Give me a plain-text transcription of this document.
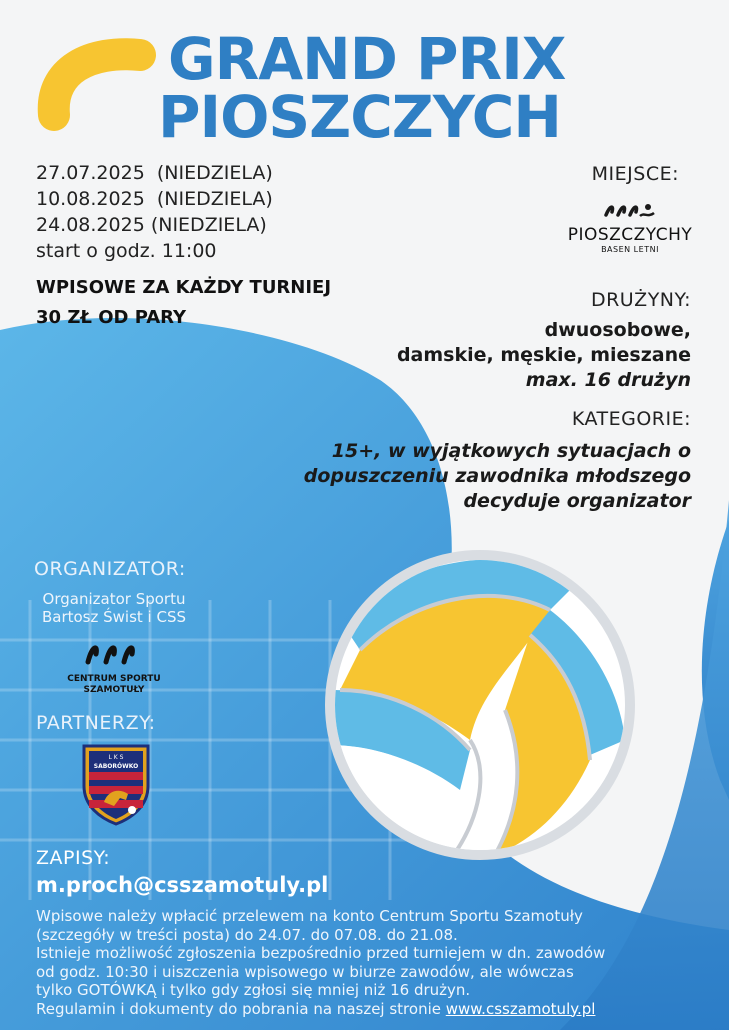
GRAND PRIX
PIOSZCZYCH
27.07.2025  (NIEDZIELA)
10.08.2025  (NIEDZIELA)
24.08.2025 (NIEDZIELA)
start o godz. 11:00
WPISOWE ZA KAŻDY TURNIEJ
30 ZŁ OD PARY
MIEJSCE:
PIOSZCZYCHY
BASEN LETNI
DRUŻYNY:
dwuosobowe,
damskie, męskie, mieszane
max. 16 drużyn
KATEGORIE:
15+, w wyjątkowych sytuacjach o
dopuszczeniu zawodnika młodszego
decyduje organizator
ORGANIZATOR:
Organizator Sportu
Bartosz Świst i CSS
CENTRUM SPORTU
SZAMOTUŁY
PARTNERZY:
L K S
SABORÓWKO
ZAPISY:
m.proch@csszamotuly.pl
Wpisowe należy wpłacić przelewem na konto Centrum Sportu Szamotuły
(szczegóły w treści posta) do 24.07. do 07.08. do 21.08.
Istnieje możliwość zgłoszenia bezpośrednio przed turniejem w dn. zawodów
od godz. 10:30 i uiszczenia wpisowego w biurze zawodów, ale wówczas
tylko GOTÓWKĄ i tylko gdy zgłosi się mniej niż 16 drużyn.
Regulamin i dokumenty do pobrania na naszej stronie www.csszamotuly.pl
